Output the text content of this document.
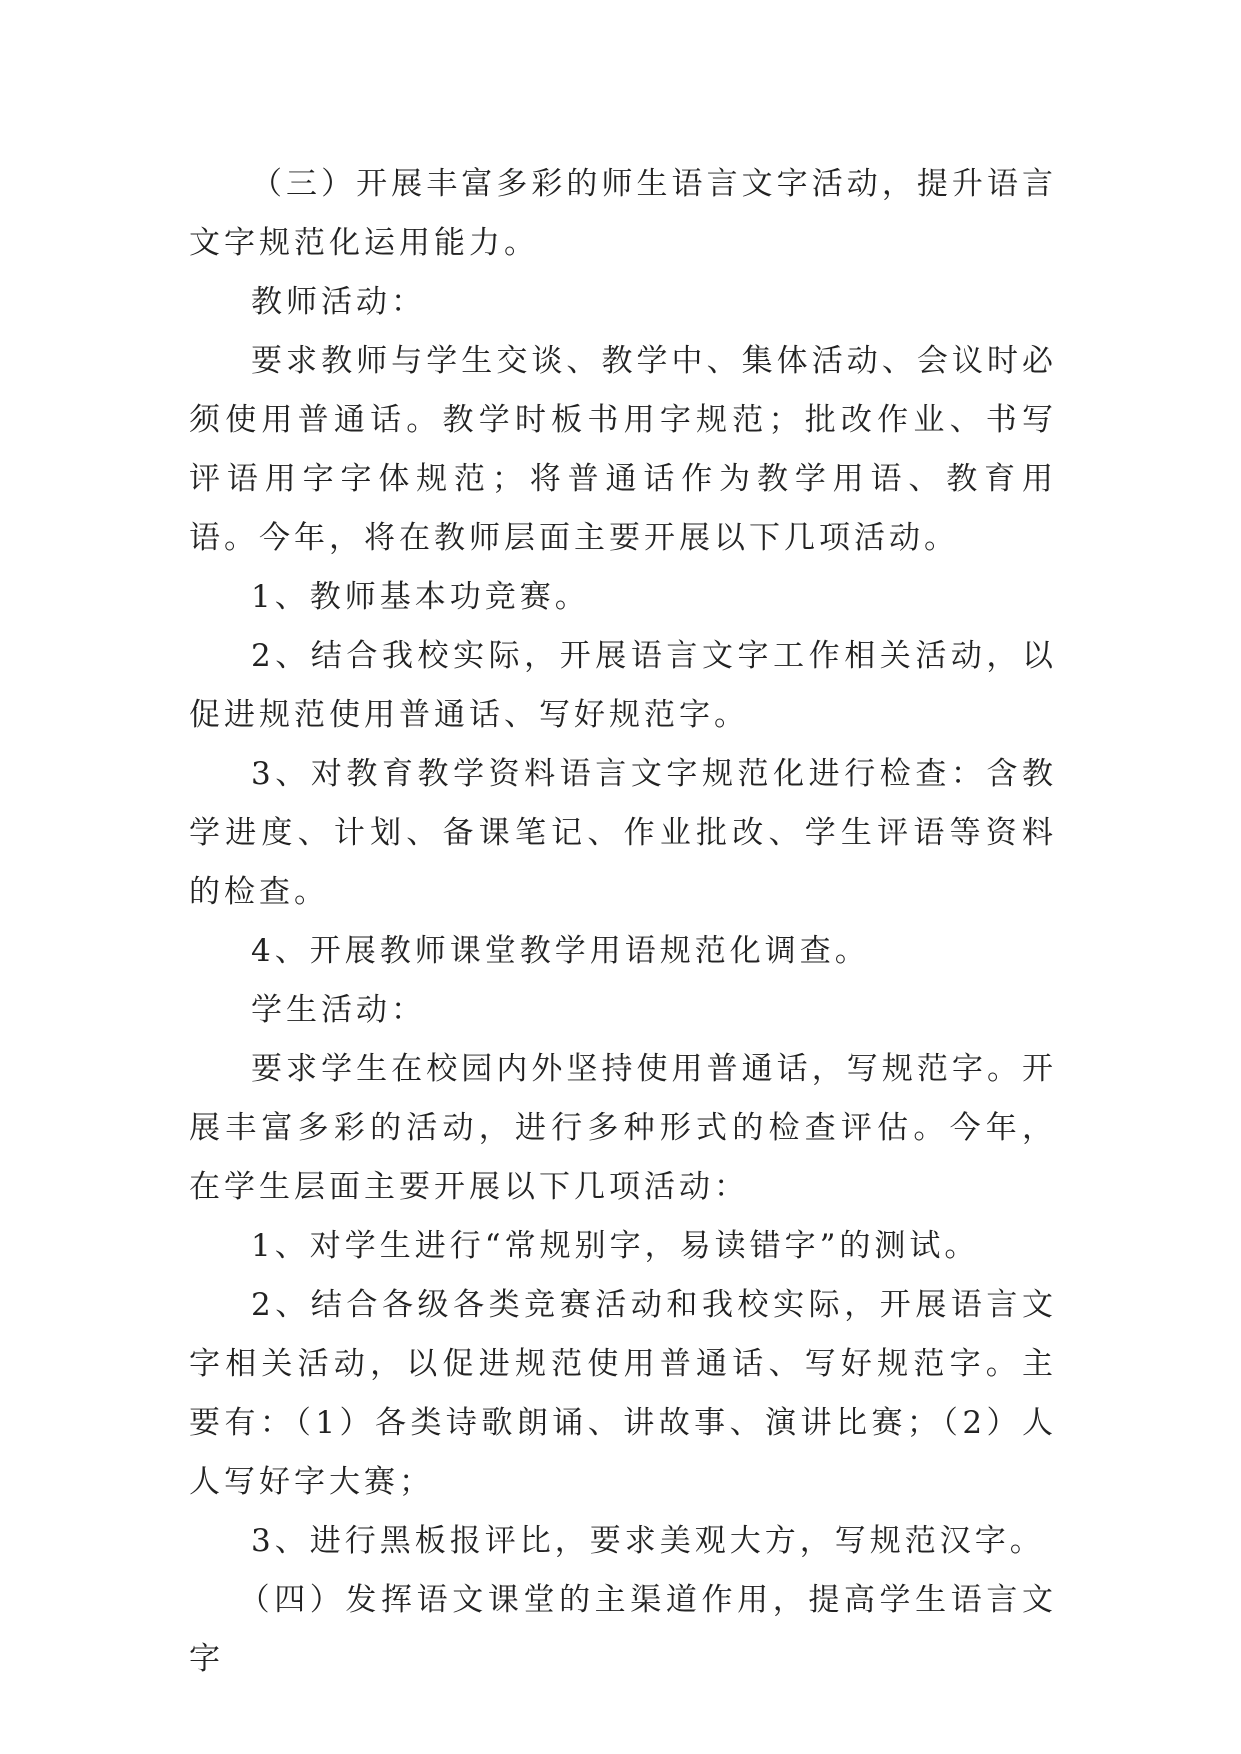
（三）开展丰富多彩的师生语言文字活动，提升语言文字规范化运用能力。

教师活动：

要求教师与学生交谈、教学中、集体活动、会议时必须使用普通话。教学时板书用字规范；批改作业、书写评语用字字体规范；将普通话作为教学用语、教育用语。今年，将在教师层面主要开展以下几项活动。

1、教师基本功竞赛。

2、结合我校实际，开展语言文字工作相关活动，以促进规范使用普通话、写好规范字。

3、对教育教学资料语言文字规范化进行检查：含教学进度、计划、备课笔记、作业批改、学生评语等资料的检查。

4、开展教师课堂教学用语规范化调查。

学生活动：

要求学生在校园内外坚持使用普通话，写规范字。开展丰富多彩的活动，进行多种形式的检查评估。今年，在学生层面主要开展以下几项活动：

1、对学生进行“常规别字，易读错字”的测试。

2、结合各级各类竞赛活动和我校实际，开展语言文字相关活动，以促进规范使用普通话、写好规范字。主要有：（1）各类诗歌朗诵、讲故事、演讲比赛；（2）人人写好字大赛；

3、进行黑板报评比，要求美观大方，写规范汉字。

（四）发挥语文课堂的主渠道作用，提高学生语言文字
